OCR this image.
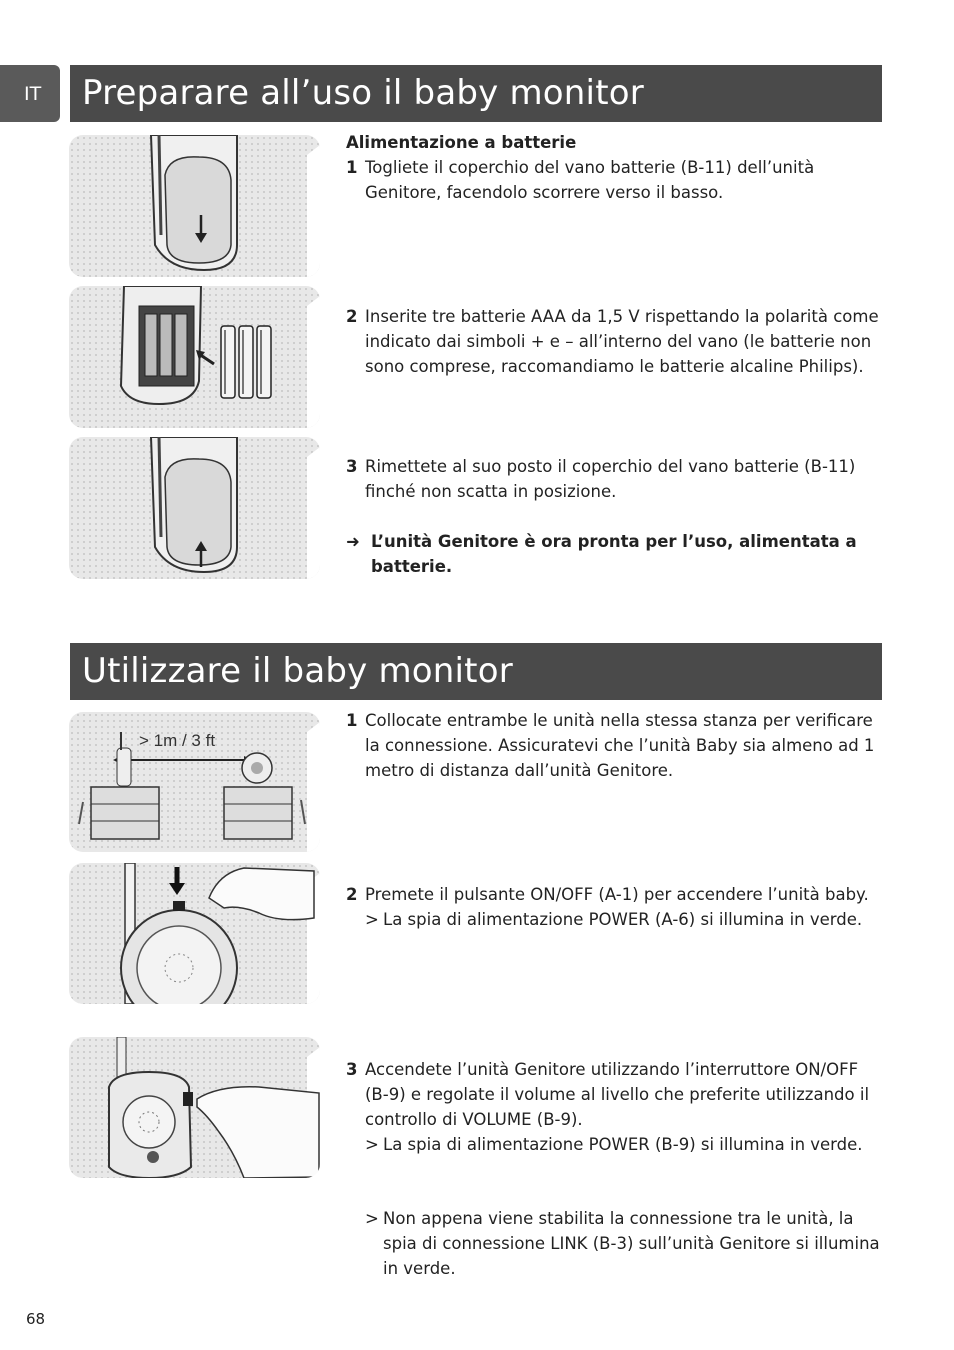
IT	Preparare all’uso il baby monitor
Alimentazione a batterie
1 Togliete il coperchio del vano batterie (B-11) dell’unità Genitore, facendolo scorrere verso il basso.
2 Inserite tre batterie AAA da 1,5 V rispettando la polarità come indicato dai simboli + e – all’interno del vano (le batterie non sono comprese, raccomandiamo le batterie alcaline Philips).
3 Rimettete al suo posto il coperchio del vano batterie (B-11) finché non scatta in posizione.
➜ L’unità Genitore è ora pronta per l’uso, alimentata a batterie.
Utilizzare il baby monitor
> 1m / 3 ft
1 Collocate entrambe le unità nella stessa stanza per verificare la connessione. Assicuratevi che l’unità Baby sia almeno ad 1 metro di distanza dall’unità Genitore.
2 Premete il pulsante ON/OFF (A-1) per accendere l’unità baby.
> La spia di alimentazione POWER (A-6) si illumina in verde.
3 Accendete l’unità Genitore utilizzando l’interruttore ON/OFF (B-9) e regolate il volume al livello che preferite utilizzando il controllo di VOLUME (B-9).
> La spia di alimentazione POWER (B-9) si illumina in verde.
> Non appena viene stabilita la connessione tra le unità, la spia di connessione LINK (B-3) sull’unità Genitore si illumina in verde.
68
